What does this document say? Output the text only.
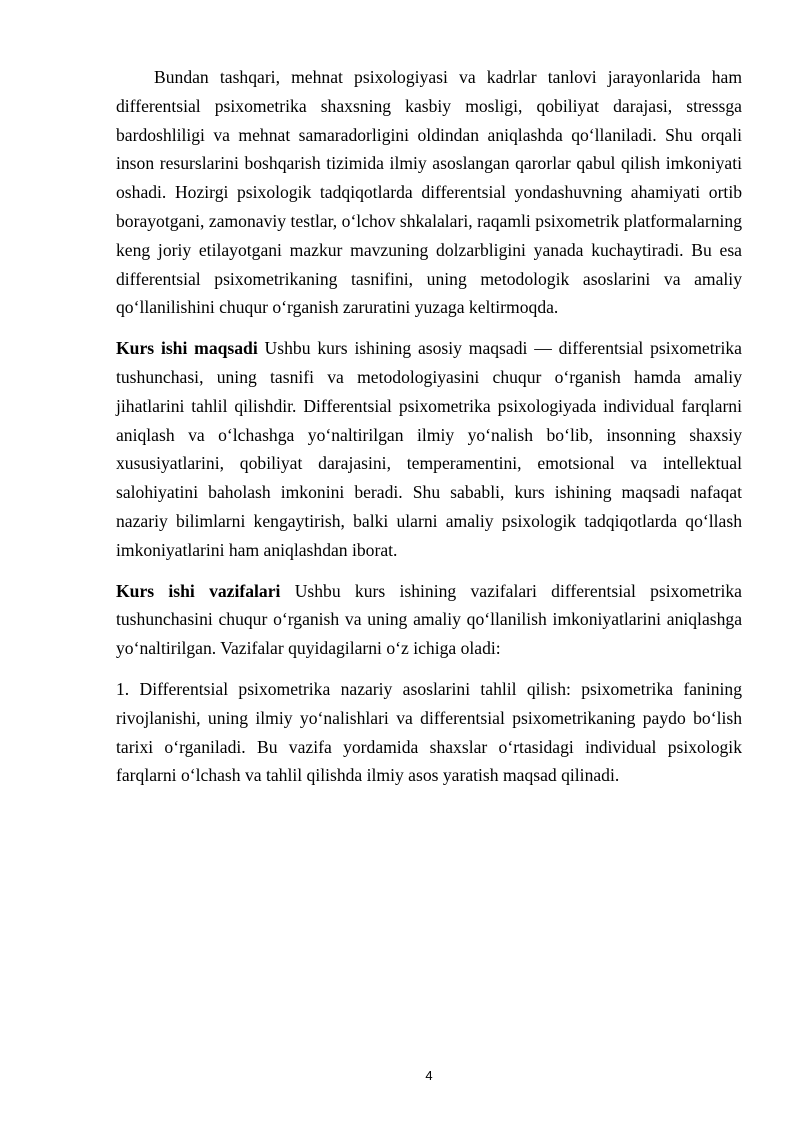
Bundan tashqari, mehnat psixologiyasi va kadrlar tanlovi jarayonlarida ham differentsial psixometrika shaxsning kasbiy mosligi, qobiliyat darajasi, stressga bardoshliligi va mehnat samaradorligini oldindan aniqlashda qo‘llaniladi. Shu orqali inson resurslarini boshqarish tizimida ilmiy asoslangan qarorlar qabul qilish imkoniyati oshadi. Hozirgi psixologik tadqiqotlarda differentsial yondashuvning ahamiyati ortib borayotgani, zamonaviy testlar, o‘lchov shkalalari, raqamli psixometrik platformalarning keng joriy etilayotgani mazkur mavzuning dolzarbligini yanada kuchaytiradi. Bu esa differentsial psixometrikaning tasnifini, uning metodologik asoslarini va amaliy qo‘llanilishini chuqur o‘rganish zaruratini yuzaga keltirmoqda.

Kurs ishi maqsadi Ushbu kurs ishining asosiy maqsadi — differentsial psixometrika tushunchasi, uning tasnifi va metodologiyasini chuqur o‘rganish hamda amaliy jihatlarini tahlil qilishdir. Differentsial psixometrika psixologiyada individual farqlarni aniqlash va o‘lchashga yo‘naltirilgan ilmiy yo‘nalish bo‘lib, insonning shaxsiy xususiyatlarini, qobiliyat darajasini, temperamentini, emotsional va intellektual salohiyatini baholash imkonini beradi. Shu sababli, kurs ishining maqsadi nafaqat nazariy bilimlarni kengaytirish, balki ularni amaliy psixologik tadqiqotlarda qo‘llash imkoniyatlarini ham aniqlashdan iborat.

Kurs ishi vazifalari Ushbu kurs ishining vazifalari differentsial psixometrika tushunchasini chuqur o‘rganish va uning amaliy qo‘llanilish imkoniyatlarini aniqlashga yo‘naltirilgan. Vazifalar quyidagilarni o‘z ichiga oladi:

1. Differentsial psixometrika nazariy asoslarini tahlil qilish: psixometrika fanining rivojlanishi, uning ilmiy yo‘nalishlari va differentsial psixometrikaning paydo bo‘lish tarixi o‘rganiladi. Bu vazifa yordamida shaxslar o‘rtasidagi individual psixologik farqlarni o‘lchash va tahlil qilishda ilmiy asos yaratish maqsad qilinadi.

4
